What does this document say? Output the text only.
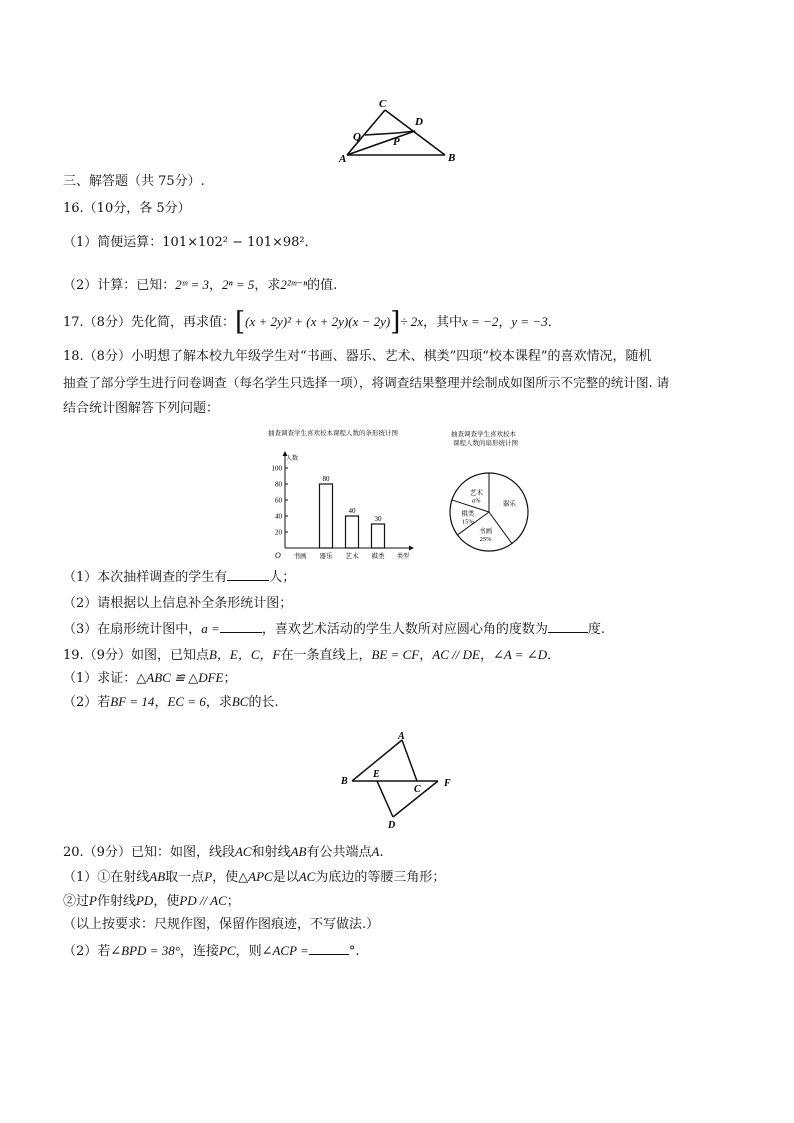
C
D
Q	P
A	B
三、解答题（共 75分）.
16.（10分，各 5分）
（1）简便运算：101×102² − 101×98²．
（2）计算：已知：2ᵐ = 3，2ⁿ = 5，求2²ᵐ⁻ⁿ的值.
17.（8分）先化简，再求值：[(x + 2y)² + (x + 2y)(x − 2y)]÷ 2x，其中x = −2，y = −3．
18.（8分）小明想了解本校九年级学生对“书画、器乐、艺术、棋类”四项“校本课程”的喜欢情况，随机
抽查了部分学生进行问卷调查（每名学生只选择一项），将调查结果整理并绘制成如图所示不完整的统计图. 请
结合统计图解答下列问题：
抽查调查学生喜欢校本课程人数的条形统计图
人数
类型
O
20
40
60
80
100
书画 器乐
80
艺术
40
棋类
30
抽查调查学生喜欢校本
课程人数的扇形统计图
器乐
书画
25%
棋类
15%
艺术
a%
（1）本次抽样调查的学生有	人；
（2）请根据以上信息补全条形统计图；
（3）在扇形统计图中，a =	，喜欢艺术活动的学生人数所对应圆心角的度数为	度.
19.（9分）如图，已知点B，E，C，F在一条直线上，BE = CF，AC // DE，∠A = ∠D．
（1）求证：△ABC ≌ △DFE；
（2）若BF = 14，EC = 6，求BC的长.
A
B
E
C
F
D
20.（9分）已知：如图，线段AC和射线AB有公共端点A.
（1）①在射线AB取一点P，使△APC是以AC为底边的等腰三角形；
②过P作射线PD，使PD // AC；
（以上按要求：尺规作图，保留作图痕迹，不写做法.）
（2）若∠BPD = 38°，连接PC，则∠ACP =	°.
